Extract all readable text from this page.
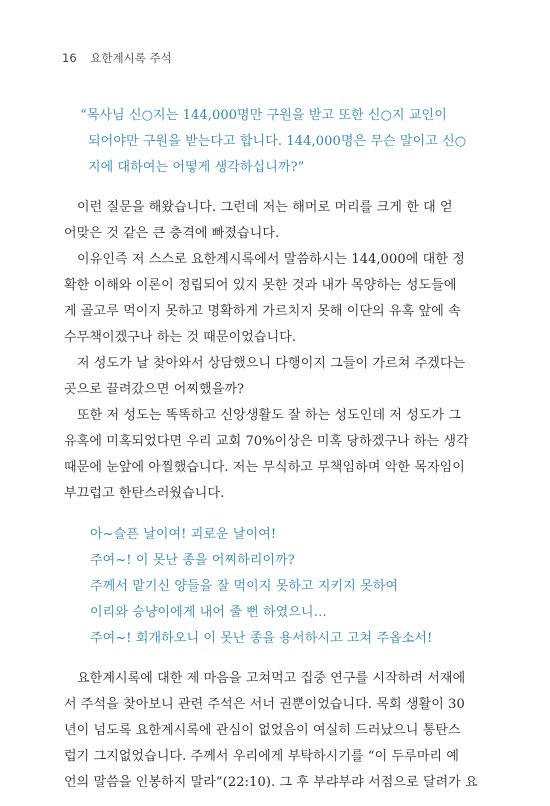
16 요한계시록 주석
“목사님 신○지는 144,000명만 구원을 받고 또한 신○지 교인이
되어야만 구원을 받는다고 합니다. 144,000명은 무슨 말이고 신○
지에 대하여는 어떻게 생각하십니까?”
이런 질문을 해왔습니다. 그런데 저는 해머로 머리를 크게 한 대 얻
어맞은 것 같은 큰 충격에 빠졌습니다.
이유인즉 저 스스로 요한계시록에서 말씀하시는 144,000에 대한 정
확한 이해와 이론이 정립되어 있지 못한 것과 내가 목양하는 성도들에
게 골고루 먹이지 못하고 명확하게 가르치지 못해 이단의 유혹 앞에 속
수무책이겠구나 하는 것 때문이었습니다.
저 성도가 날 찾아와서 상담했으니 다행이지 그들이 가르쳐 주겠다는
곳으로 끌려갔으면 어찌했을까?
또한 저 성도는 똑똑하고 신앙생활도 잘 하는 성도인데 저 성도가 그
유혹에 미혹되었다면 우리 교회 70%이상은 미혹 당하겠구나 하는 생각
때문에 눈앞에 아찔했습니다. 저는 무식하고 무책임하며 악한 목자임이
부끄럽고 한탄스러웠습니다.
아~슬픈 날이여! 괴로운 날이여!
주여~! 이 못난 종을 어찌하리이까?
주께서 맡기신 양들을 잘 먹이지 못하고 지키지 못하여
이리와 승냥이에게 내어 줄 뻔 하였으니…
주여~! 회개하오니 이 못난 종을 용서하시고 고쳐 주옵소서!
요한계시록에 대한 제 마음을 고쳐먹고 집중 연구를 시작하려 서재에
서 주석을 찾아보니 관련 주석은 서너 권뿐이었습니다. 목회 생활이 30
년이 넘도록 요한계시록에 관심이 없었음이 여실히 드러났으니 통탄스
럽기 그지없었습니다. 주께서 우리에게 부탁하시기를 “이 두루마리 예
언의 말씀을 인봉하지 말라”(22:10). 그 후 부랴부랴 서점으로 달려가 요
